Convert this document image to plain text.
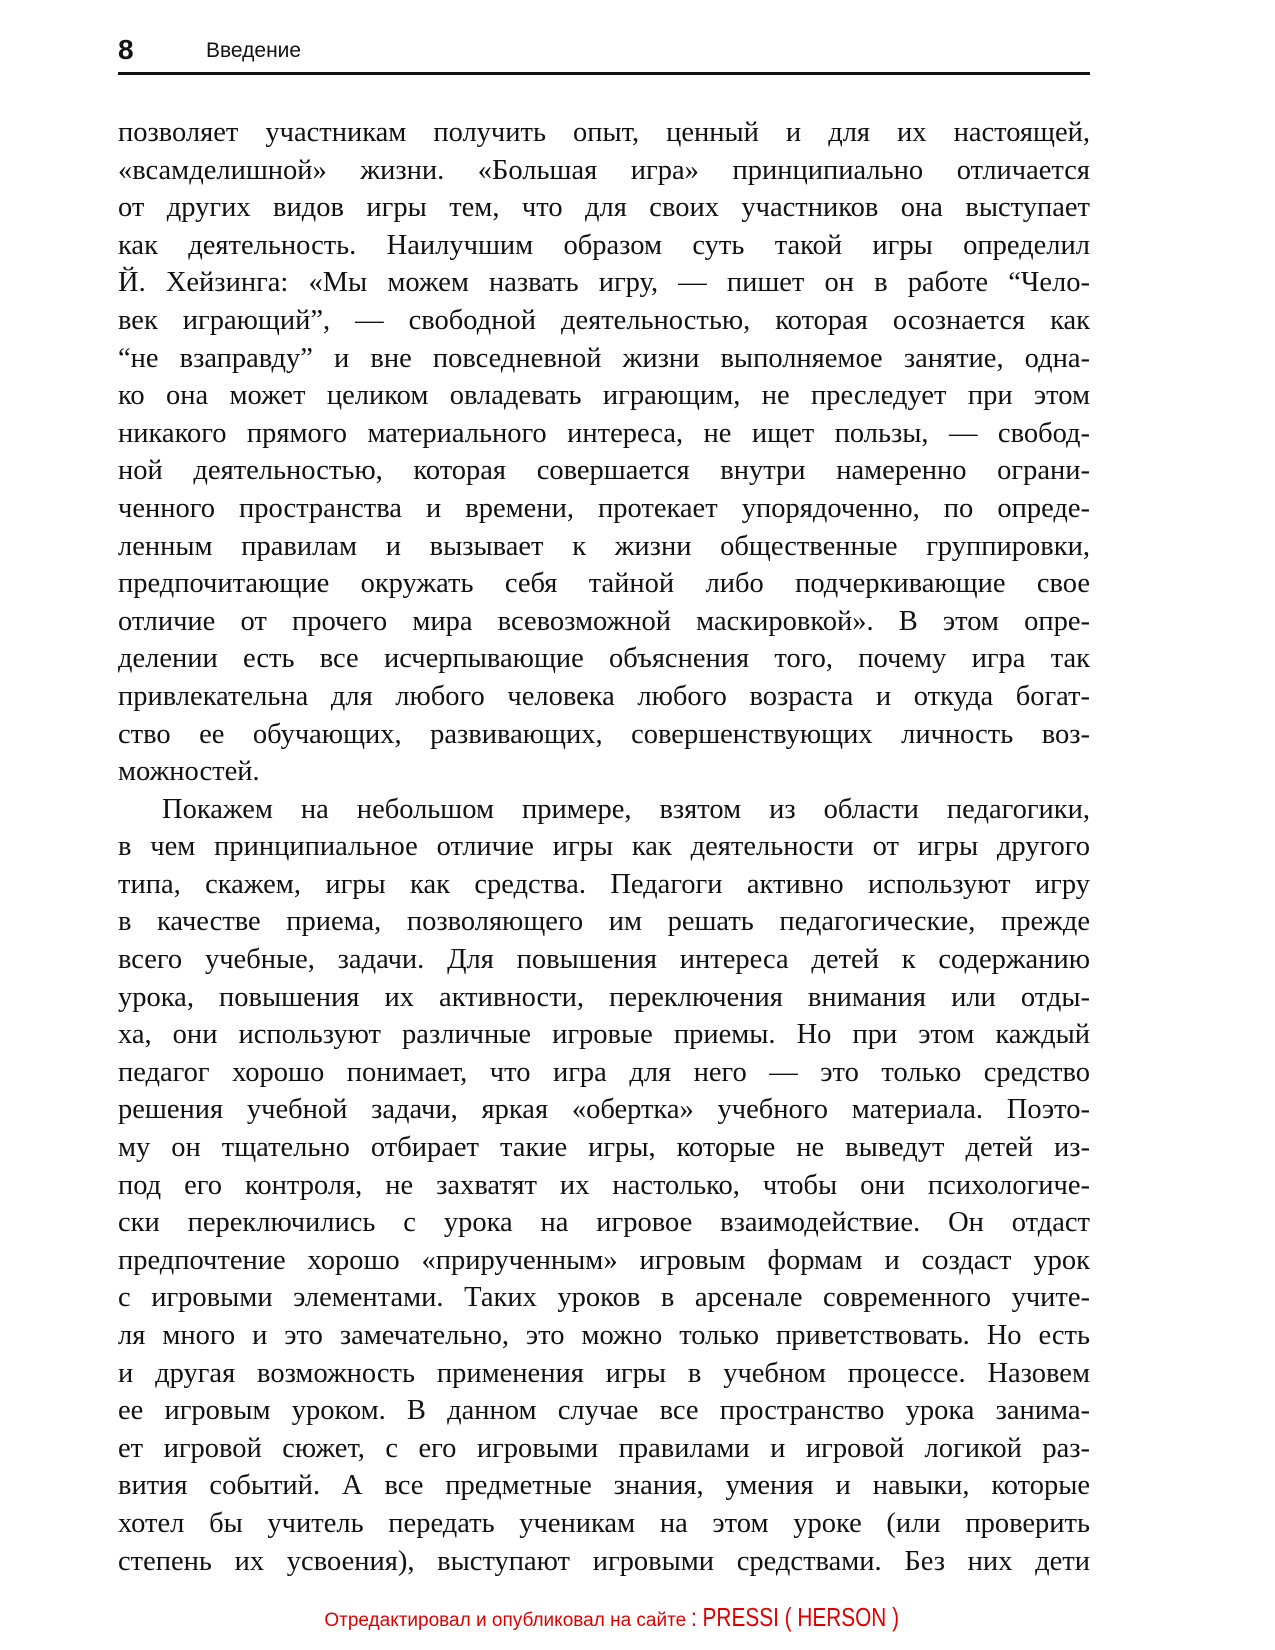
8	Введение
позволяет участникам получить опыт, ценный и для их настоящей,
«всамделишной» жизни. «Большая игра» принципиально отличается
от других видов игры тем, что для своих участников она выступает
как деятельность. Наилучшим образом суть такой игры определил
Й. Хейзинга: «Мы можем назвать игру, — пишет он в работе “Чело-
век играющий”, — свободной деятельностью, которая осознается как
“не взаправду” и вне повседневной жизни выполняемое занятие, одна-
ко она может целиком овладевать играющим, не преследует при этом
никакого прямого материального интереса, не ищет пользы, — свобод-
ной деятельностью, которая совершается внутри намеренно ограни-
ченного пространства и времени, протекает упорядоченно, по опреде-
ленным правилам и вызывает к жизни общественные группировки,
предпочитающие окружать себя тайной либо подчеркивающие свое
отличие от прочего мира всевозможной маскировкой». В этом опре-
делении есть все исчерпывающие объяснения того, почему игра так
привлекательна для любого человека любого возраста и откуда богат-
ство ее обучающих, развивающих, совершенствующих личность воз-
можностей.
Покажем на небольшом примере, взятом из области педагогики,
в чем принципиальное отличие игры как деятельности от игры другого
типа, скажем, игры как средства. Педагоги активно используют игру
в качестве приема, позволяющего им решать педагогические, прежде
всего учебные, задачи. Для повышения интереса детей к содержанию
урока, повышения их активности, переключения внимания или отды-
ха, они используют различные игровые приемы. Но при этом каждый
педагог хорошо понимает, что игра для него — это только средство
решения учебной задачи, яркая «обертка» учебного материала. Поэто-
му он тщательно отбирает такие игры, которые не выведут детей из-
под его контроля, не захватят их настолько, чтобы они психологиче-
ски переключились с урока на игровое взаимодействие. Он отдаст
предпочтение хорошо «прирученным» игровым формам и создаст урок
с игровыми элементами. Таких уроков в арсенале современного учите-
ля много и это замечательно, это можно только приветствовать. Но есть
и другая возможность применения игры в учебном процессе. Назовем
ее игровым уроком. В данном случае все пространство урока занима-
ет игровой сюжет, с его игровыми правилами и игровой логикой раз-
вития событий. А все предметные знания, умения и навыки, которые
хотел бы учитель передать ученикам на этом уроке (или проверить
степень их усвоения), выступают игровыми средствами. Без них дети
Отредактировал и опубликовал на сайте : PRESSI ( HERSON )
